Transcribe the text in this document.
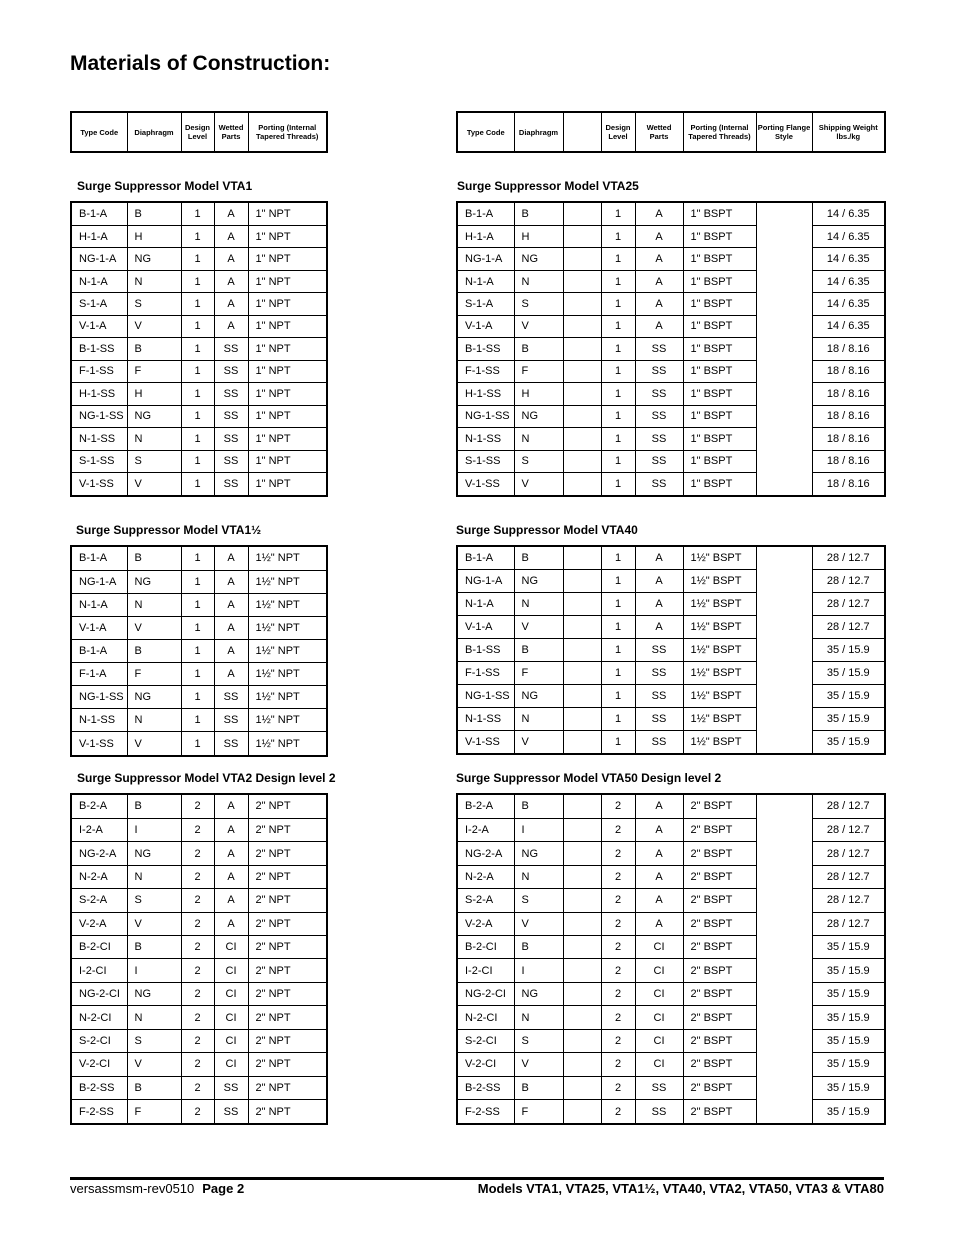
Materials of Construction:
Type Code	Diaphragm	Design Level	Wetted Parts	Porting (Internal Tapered Threads)	Type Code	Diaphragm		Design Level	Wetted Parts	Porting (Internal Tapered Threads)	Porting Flange Style	Shipping Weight lbs./kg

Surge Suppressor Model VTA1	Surge Suppressor Model VTA25

Surge Suppressor Model VTA1½	Surge Suppressor Model VTA40

Surge Suppressor Model VTA2 Design level 2	Surge Suppressor Model VTA50 Design level 2

B-1-A	B	1	A	1" NPT
H-1-A	H	1	A	1" NPT
NG-1-A	NG	1	A	1" NPT
N-1-A	N	1	A	1" NPT
S-1-A	S	1	A	1" NPT
V-1-A	V	1	A	1" NPT
B-1-SS	B	1	SS	1" NPT
F-1-SS	F	1	SS	1" NPT
H-1-SS	H	1	SS	1" NPT
NG-1-SS	NG	1	SS	1" NPT
N-1-SS	N	1	SS	1" NPT
S-1-SS	S	1	SS	1" NPT
V-1-SS	V	1	SS	1" NPT
B-1-A	B		1	A	1" BSPT		14 / 6.35
H-1-A	H		1	A	1" BSPT		14 / 6.35
NG-1-A	NG		1	A	1" BSPT		14 / 6.35
N-1-A	N		1	A	1" BSPT		14 / 6.35
S-1-A	S		1	A	1" BSPT		14 / 6.35
V-1-A	V		1	A	1" BSPT		14 / 6.35
B-1-SS	B		1	SS	1" BSPT		18 / 8.16
F-1-SS	F		1	SS	1" BSPT		18 / 8.16
H-1-SS	H		1	SS	1" BSPT		18 / 8.16
NG-1-SS	NG		1	SS	1" BSPT		18 / 8.16
N-1-SS	N		1	SS	1" BSPT		18 / 8.16
S-1-SS	S		1	SS	1" BSPT		18 / 8.16
V-1-SS	V		1	SS	1" BSPT		18 / 8.16
B-1-A	B	1	A	1½" NPT
NG-1-A	NG	1	A	1½" NPT
N-1-A	N	1	A	1½" NPT
V-1-A	V	1	A	1½" NPT
B-1-A	B	1	A	1½" NPT
F-1-A	F	1	A	1½" NPT
NG-1-SS	NG	1	SS	1½" NPT
N-1-SS	N	1	SS	1½" NPT
V-1-SS	V	1	SS	1½" NPT
B-1-A	B		1	A	1½" BSPT		28 / 12.7
NG-1-A	NG		1	A	1½" BSPT		28 / 12.7
N-1-A	N		1	A	1½" BSPT		28 / 12.7
V-1-A	V		1	A	1½" BSPT		28 / 12.7
B-1-SS	B		1	SS	1½" BSPT		35 / 15.9
F-1-SS	F		1	SS	1½" BSPT		35 / 15.9
NG-1-SS	NG		1	SS	1½" BSPT		35 / 15.9
N-1-SS	N		1	SS	1½" BSPT		35 / 15.9
V-1-SS	V		1	SS	1½" BSPT		35 / 15.9
B-2-A	B	2	A	2" NPT
I-2-A	I	2	A	2" NPT
NG-2-A	NG	2	A	2" NPT
N-2-A	N	2	A	2" NPT
S-2-A	S	2	A	2" NPT
V-2-A	V	2	A	2" NPT
B-2-CI	B	2	CI	2" NPT
I-2-CI	I	2	CI	2" NPT
NG-2-CI	NG	2	CI	2" NPT
N-2-CI	N	2	CI	2" NPT
S-2-CI	S	2	CI	2" NPT
V-2-CI	V	2	CI	2" NPT
B-2-SS	B	2	SS	2" NPT
F-2-SS	F	2	SS	2" NPT
B-2-A	B		2	A	2" BSPT		28 / 12.7
I-2-A	I		2	A	2" BSPT		28 / 12.7
NG-2-A	NG		2	A	2" BSPT		28 / 12.7
N-2-A	N		2	A	2" BSPT		28 / 12.7
S-2-A	S		2	A	2" BSPT		28 / 12.7
V-2-A	V		2	A	2" BSPT		28 / 12.7
B-2-CI	B		2	CI	2" BSPT		35 / 15.9
I-2-CI	I		2	CI	2" BSPT		35 / 15.9
NG-2-CI	NG		2	CI	2" BSPT		35 / 15.9
N-2-CI	N		2	CI	2" BSPT		35 / 15.9
S-2-CI	S		2	CI	2" BSPT		35 / 15.9
V-2-CI	V		2	CI	2" BSPT		35 / 15.9
B-2-SS	B		2	SS	2" BSPT		35 / 15.9
F-2-SS	F		2	SS	2" BSPT		35 / 15.9
versassmsm-rev0510 Page 2	Models VTA1, VTA25, VTA1½, VTA40, VTA2, VTA50, VTA3 & VTA80
